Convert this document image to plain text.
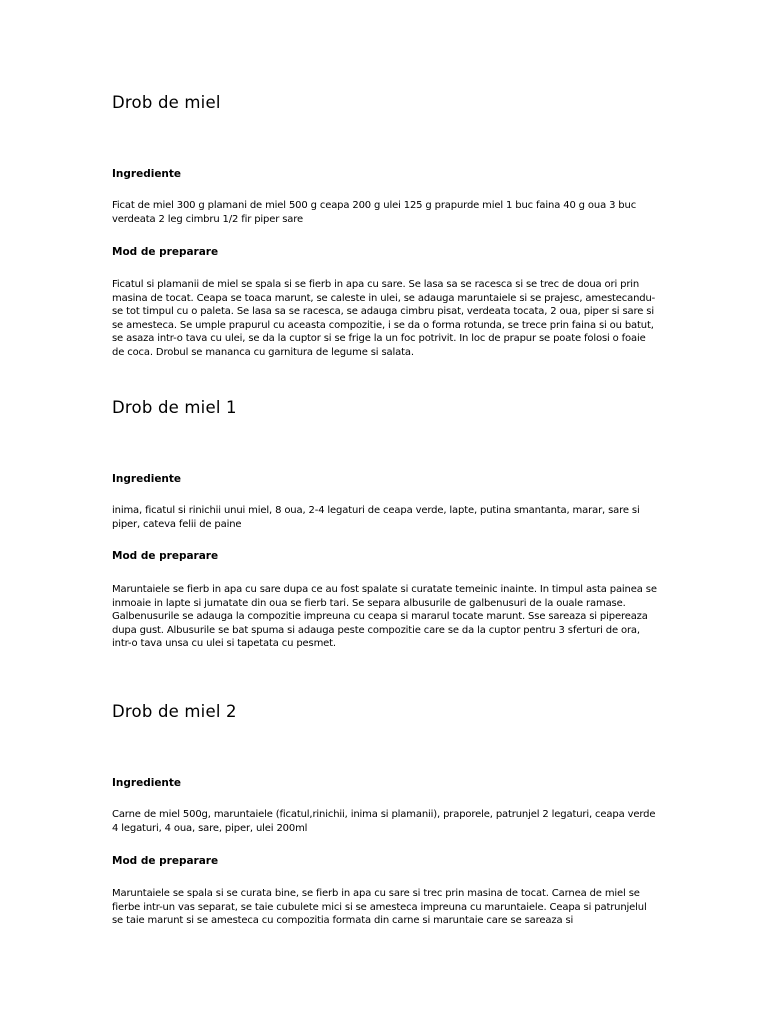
Drob de miel

Ingrediente

Ficat de miel 300 g plamani de miel 500 g ceapa 200 g ulei 125 g prapurde miel 1 buc faina 40 g oua 3 buc verdeata 2 leg cimbru 1/2 fir piper sare

Mod de preparare

Ficatul si plamanii de miel se spala si se fierb in apa cu sare. Se lasa sa se racesca si se trec de doua ori prin masina de tocat. Ceapa se toaca marunt, se caleste in ulei, se adauga maruntaiele si se prajesc, amestecandu-se tot timpul cu o paleta. Se lasa sa se racesca, se adauga cimbru pisat, verdeata tocata, 2 oua, piper si sare si se amesteca. Se umple prapurul cu aceasta compozitie, i se da o forma rotunda, se trece prin faina si ou batut, se asaza intr-o tava cu ulei, se da la cuptor si se frige la un foc potrivit. In loc de prapur se poate folosi o foaie de coca. Drobul se mananca cu garnitura de legume si salata.

Drob de miel 1

Ingrediente

inima, ficatul si rinichii unui miel, 8 oua, 2-4 legaturi de ceapa verde, lapte, putina smantanta, marar, sare si piper, cateva felii de paine

Mod de preparare

Maruntaiele se fierb in apa cu sare dupa ce au fost spalate si curatate temeinic inainte. In timpul asta painea se inmoaie in lapte si jumatate din oua se fierb tari. Se separa albusurile de galbenusuri de la ouale ramase. Galbenusurile se adauga la compozitie impreuna cu ceapa si mararul tocate marunt. Sse sareaza si pipereaza dupa gust. Albusurile se bat spuma si adauga peste compozitie care se da la cuptor pentru 3 sferturi de ora, intr-o tava unsa cu ulei si tapetata cu pesmet.

Drob de miel 2

Ingrediente

Carne de miel 500g, maruntaiele (ficatul,rinichii, inima si plamanii), praporele, patrunjel 2 legaturi, ceapa verde 4 legaturi, 4 oua, sare, piper, ulei 200ml

Mod de preparare

Maruntaiele se spala si se curata bine, se fierb in apa cu sare si trec prin masina de tocat. Carnea de miel se fierbe intr-un vas separat, se taie cubulete mici si se amesteca impreuna cu maruntaiele. Ceapa si patrunjelul se taie marunt si se amesteca cu compozitia formata din carne si maruntaie care se sareaza si
